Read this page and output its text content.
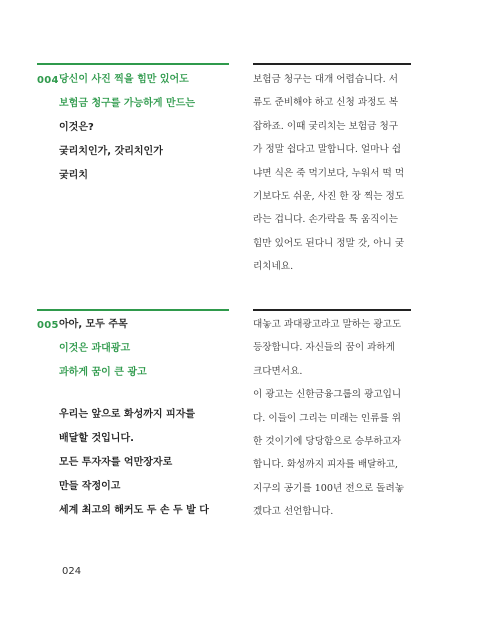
004 당신이 사진 찍을 힘만 있어도
보험금 청구를 가능하게 만드는
이것은?
궂리치인가, 갓리치인가
궂리치
보험금 청구는 대개 어렵습니다. 서
류도 준비해야 하고 신청 과정도 복
잡하죠. 이때 궂리치는 보험금 청구
가 정말 쉽다고 말합니다. 얼마나 쉽
냐면 식은 죽 먹기보다, 누워서 떡 먹
기보다도 쉬운, 사진 한 장 찍는 정도
라는 겁니다. 손가락을 툭 움직이는
힘만 있어도 된다니 정말 갓, 아니 궂
리치네요.
005 아아, 모두 주목
이것은 과대광고
과하게 꿈이 큰 광고
우리는 앞으로 화성까지 피자를
배달할 것입니다.
모든 투자자를 억만장자로
만들 작정이고
세계 최고의 해커도 두 손 두 발 다
대놓고 과대광고라고 말하는 광고도
등장합니다. 자신들의 꿈이 과하게
크다면서요.
이 광고는 신한금융그룹의 광고입니
다. 이들이 그리는 미래는 인류를 위
한 것이기에 당당함으로 승부하고자
합니다. 화성까지 피자를 배달하고,
지구의 공기를 100년 전으로 돌려놓
겠다고 선언합니다.
024
